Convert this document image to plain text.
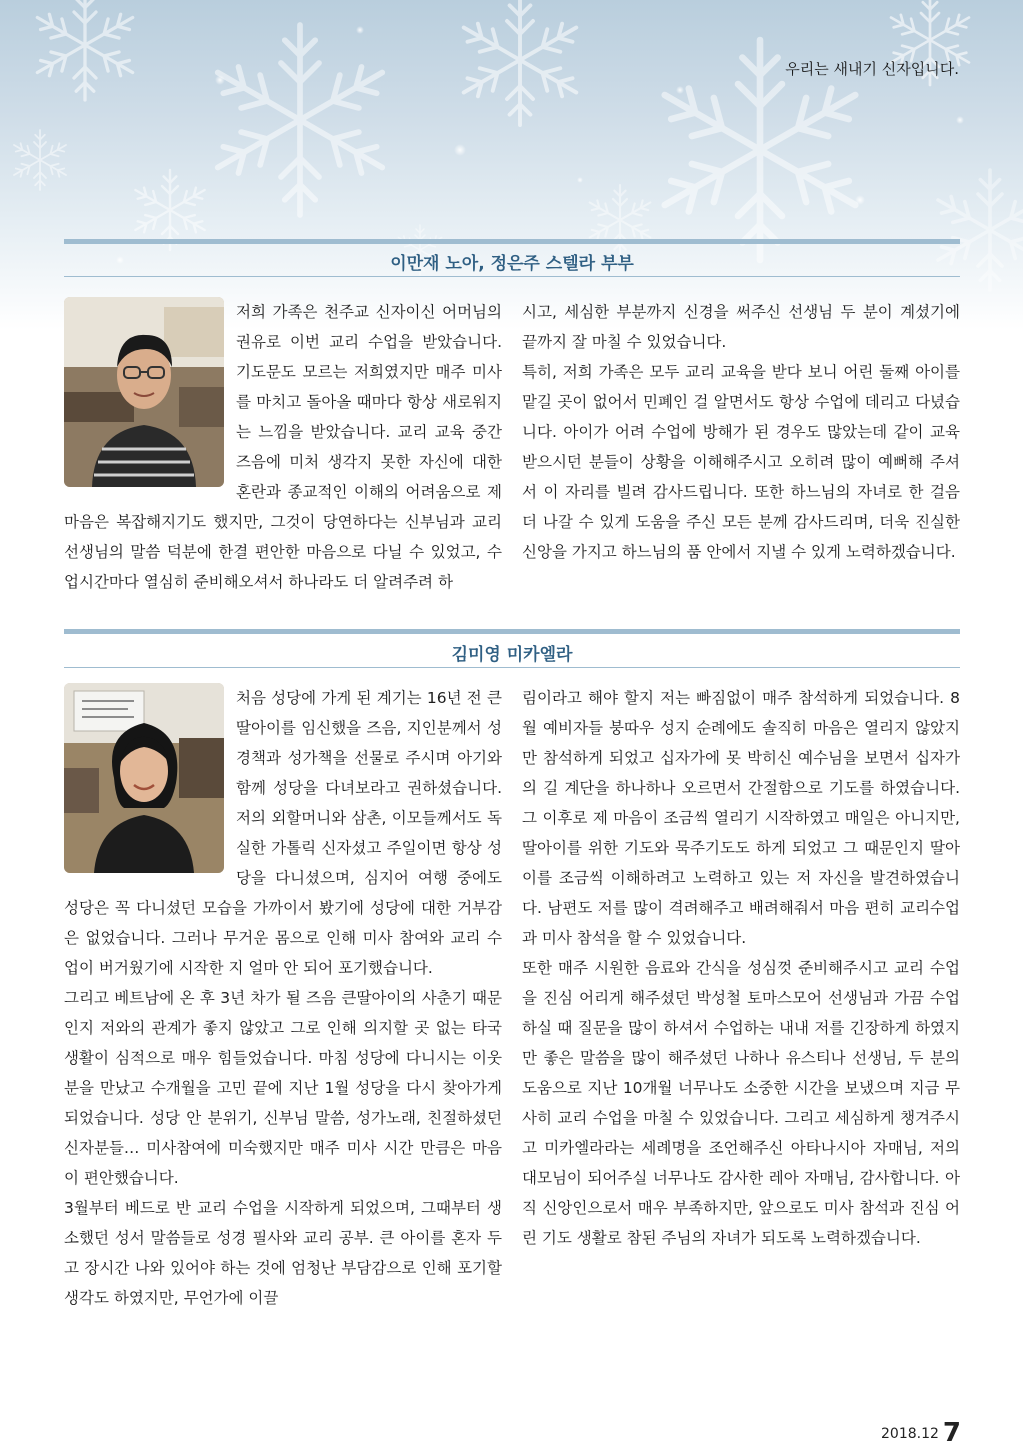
우리는 새내기 신자입니다.
이만재 노아, 정은주 스텔라 부부

저희 가족은 천주교 신자이신 어머님의 권유로 이번 교리 수업을 받았습니다. 기도문도 모르는 저희였지만 매주 미사를 마치고 돌아올 때마다 항상 새로워지는 느낌을 받았습니다. 교리 교육 중간 즈음에 미처 생각지 못한 자신에 대한 혼란과 종교적인 이해의 어려움으로 제 마음은 복잡해지기도 했지만, 그것이 당연하다는 신부님과 교리 선생님의 말씀 덕분에 한결 편안한 마음으로 다닐 수 있었고, 수업시간마다 열심히 준비해오셔서 하나라도 더 알려주려 하

시고, 세심한 부분까지 신경을 써주신 선생님 두 분이 계셨기에 끝까지 잘 마칠 수 있었습니다.

특히, 저희 가족은 모두 교리 교육을 받다 보니 어린 둘째 아이를 맡길 곳이 없어서 민폐인 걸 알면서도 항상 수업에 데리고 다녔습니다. 아이가 어려 수업에 방해가 된 경우도 많았는데 같이 교육 받으시던 분들이 상황을 이해해주시고 오히려 많이 예뻐해 주셔서 이 자리를 빌려 감사드립니다. 또한 하느님의 자녀로 한 걸음 더 나갈 수 있게 도움을 주신 모든 분께 감사드리며, 더욱 진실한 신앙을 가지고 하느님의 품 안에서 지낼 수 있게 노력하겠습니다.

김미영 미카엘라

처음 성당에 가게 된 계기는 16년 전 큰딸아이를 임신했을 즈음, 지인분께서 성경책과 성가책을 선물로 주시며 아기와 함께 성당을 다녀보라고 권하셨습니다. 저의 외할머니와 삼촌, 이모들께서도 독실한 가톨릭 신자셨고 주일이면 항상 성당을 다니셨으며, 심지어 여행 중에도 성당은 꼭 다니셨던 모습을 가까이서 봤기에 성당에 대한 거부감은 없었습니다. 그러나 무거운 몸으로 인해 미사 참여와 교리 수업이 버거웠기에 시작한 지 얼마 안 되어 포기했습니다.

그리고 베트남에 온 후 3년 차가 될 즈음 큰딸아이의 사춘기 때문인지 저와의 관계가 좋지 않았고 그로 인해 의지할 곳 없는 타국 생활이 심적으로 매우 힘들었습니다. 마침 성당에 다니시는 이웃분을 만났고 수개월을 고민 끝에 지난 1월 성당을 다시 찾아가게 되었습니다. 성당 안 분위기, 신부님 말씀, 성가노래, 친절하셨던 신자분들… 미사참여에 미숙했지만 매주 미사 시간 만큼은 마음이 편안했습니다.

3월부터 베드로 반 교리 수업을 시작하게 되었으며, 그때부터 생소했던 성서 말씀들로 성경 필사와 교리 공부. 큰 아이를 혼자 두고 장시간 나와 있어야 하는 것에 엄청난 부담감으로 인해 포기할 생각도 하였지만, 무언가에 이끌

림이라고 해야 할지 저는 빠짐없이 매주 참석하게 되었습니다. 8월 예비자들 붕따우 성지 순례에도 솔직히 마음은 열리지 않았지만 참석하게 되었고 십자가에 못 박히신 예수님을 보면서 십자가의 길 계단을 하나하나 오르면서 간절함으로 기도를 하였습니다. 그 이후로 제 마음이 조금씩 열리기 시작하였고 매일은 아니지만, 딸아이를 위한 기도와 묵주기도도 하게 되었고 그 때문인지 딸아이를 조금씩 이해하려고 노력하고 있는 저 자신을 발견하였습니다. 남편도 저를 많이 격려해주고 배려해줘서 마음 편히 교리수업과 미사 참석을 할 수 있었습니다.

또한 매주 시원한 음료와 간식을 성심껏 준비해주시고 교리 수업을 진심 어리게 해주셨던 박성철 토마스모어 선생님과 가끔 수업하실 때 질문을 많이 하셔서 수업하는 내내 저를 긴장하게 하였지만 좋은 말씀을 많이 해주셨던 나하나 유스티나 선생님, 두 분의 도움으로 지난 10개월 너무나도 소중한 시간을 보냈으며 지금 무사히 교리 수업을 마칠 수 있었습니다. 그리고 세심하게 챙겨주시고 미카엘라라는 세례명을 조언해주신 아타나시아 자매님, 저의 대모님이 되어주실 너무나도 감사한 레아 자매님, 감사합니다. 아직 신앙인으로서 매우 부족하지만, 앞으로도 미사 참석과 진심 어린 기도 생활로 참된 주님의 자녀가 되도록 노력하겠습니다.

2018.12 7
